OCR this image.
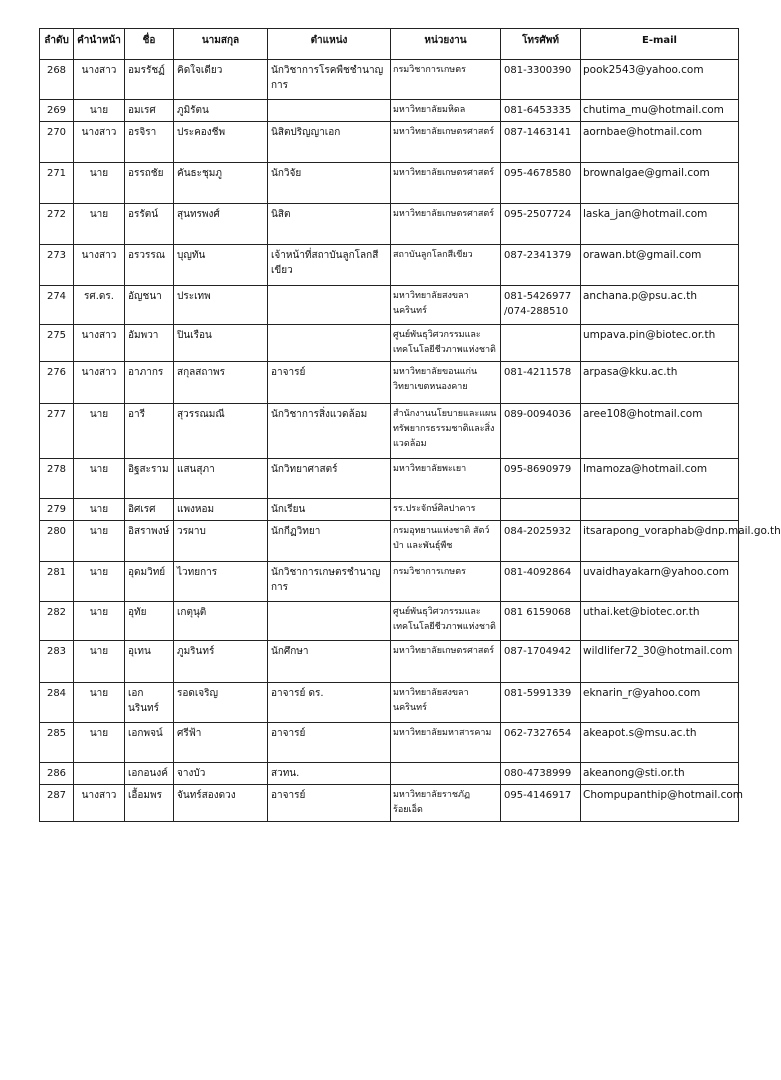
ลำดับ	คำนำหน้า	ชื่อ	นามสกุล	ตำแหน่ง	หน่วยงาน	โทรศัพท์	E-mail
268	นางสาว	อมรรัชฏ์	คิดใจเดียว	นักวิชาการโรคพืชชำนาญการ	กรมวิชาการเกษตร	081-3300390	pook2543@yahoo.com
269	นาย	อมเรศ	ภูมิรัตน		มหาวิทยาลัยมหิดล	081-6453335	chutima_mu@hotmail.com
270	นางสาว	อรจิรา	ประคองชีพ	นิสิตปริญญาเอก	มหาวิทยาลัยเกษตรศาสตร์	087-1463141	aornbae@hotmail.com
271	นาย	อรรถชัย	คันธะชุมภู	นักวิจัย	มหาวิทยาลัยเกษตรศาสตร์	095-4678580	brownalgae@gmail.com
272	นาย	อรรัตน์	สุนทรพงศ์	นิสิต	มหาวิทยาลัยเกษตรศาสตร์	095-2507724	laska_jan@hotmail.com
273	นางสาว	อรวรรณ	บุญทัน	เจ้าหน้าที่สถาบันลูกโลกสีเขียว	สถาบันลูกโลกสีเขียว	087-2341379	orawan.bt@gmail.com
274	รศ.ดร.	อัญชนา	ประเทพ		มหาวิทยาลัยสงขลานครินทร์	081-5426977 /074-288510	anchana.p@psu.ac.th
275	นางสาว	อัมพวา	ปินเรือน		ศูนย์พันธุวิศวกรรมและเทคโนโลยีชีวภาพแห่งชาติ		umpava.pin@biotec.or.th
276	นางสาว	อาภากร	สกุลสถาพร	อาจารย์	มหาวิทยาลัยขอนแก่น วิทยาเขตหนองคาย	081-4211578	arpasa@kku.ac.th
277	นาย	อารี	สุวรรณมณี	นักวิชาการสิ่งแวดล้อม	สำนักงานนโยบายและแผนทรัพยากรธรรมชาติและสิ่งแวดล้อม	089-0094036	aree108@hotmail.com
278	นาย	อิฐสะราม	แสนสุภา	นักวิทยาศาสตร์	มหาวิทยาลัยพะเยา	095-8690979	lmamoza@hotmail.com
279	นาย	อิศเรศ	แพงหอม	นักเรียน	รร.ประจักษ์ศิลปาคาร		
280	นาย	อิสราพงษ์	วรผาบ	นักกีฏวิทยา	กรมอุทยานแห่งชาติ สัตว์ป่า และพันธุ์พืช	084-2025932	itsarapong_voraphab@dnp.mail.go.th
281	นาย	อุดมวิทย์	ไวทยการ	นักวิชาการเกษตรชำนาญการ	กรมวิชาการเกษตร	081-4092864	uvaidhayakarn@yahoo.com
282	นาย	อุทัย	เกตุนุติ		ศูนย์พันธุวิศวกรรมและเทคโนโลยีชีวภาพแห่งชาติ	081 6159068	uthai.ket@biotec.or.th
283	นาย	อุเทน	ภูมรินทร์	นักศึกษา	มหาวิทยาลัยเกษตรศาสตร์	087-1704942	wildlifer72_30@hotmail.com
284	นาย	เอกนรินทร์	รอดเจริญ	อาจารย์ ดร.	มหาวิทยาลัยสงขลานครินทร์	081-5991339	eknarin_r@yahoo.com
285	นาย	เอกพจน์	ศรีฟ้า	อาจารย์	มหาวิทยาลัยมหาสารคาม	062-7327654	akeapot.s@msu.ac.th
286		เอกอนงค์	จางบัว	สวทน.		080-4738999	akeanong@sti.or.th
287	นางสาว	เอื้อมพร	จันทร์สองดวง	อาจารย์	มหาวิทยาลัยราชภัฏร้อยเอ็ด	095-4146917	Chompupanthip@hotmail.com
